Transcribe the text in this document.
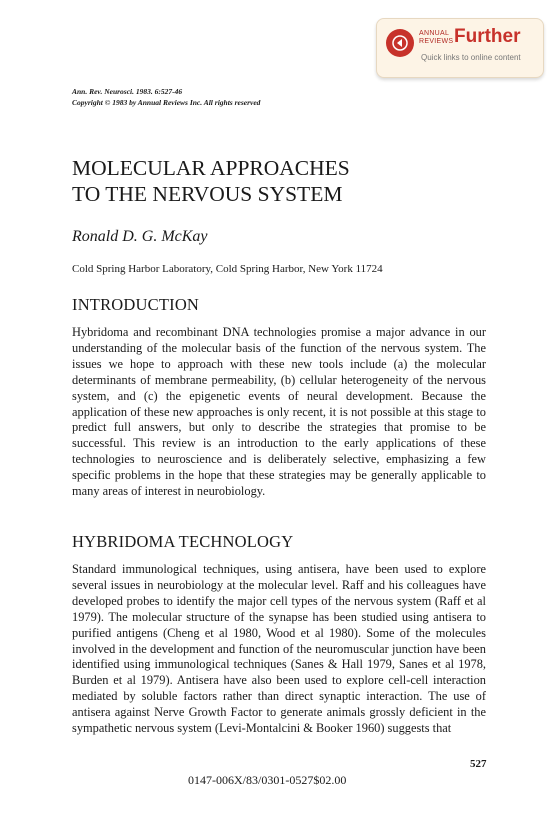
ANNUAL
REVIEWS Further
Quick links to online content
Ann. Rev. Neurosci. 1983. 6:527-46
Copyright © 1983 by Annual Reviews Inc. All rights reserved
MOLECULAR APPROACHES
TO THE NERVOUS SYSTEM
Ronald D. G. McKay
Cold Spring Harbor Laboratory, Cold Spring Harbor, New York 11724
INTRODUCTION

Hybridoma and recombinant DNA technologies promise a major advance in our understanding of the molecular basis of the function of the nervous system. The issues we hope to approach with these new tools include (a) the molecular determinants of membrane permeability, (b) cellular heterogeneity of the nervous system, and (c) the epigenetic events of neural development. Because the application of these new approaches is only recent, it is not possible at this stage to predict full answers, but only to describe the strategies that promise to be successful. This review is an introduction to the early applications of these technologies to neuroscience and is deliberately selective, emphasizing a few specific problems in the hope that these strategies may be generally applicable to many areas of interest in neurobiology.

HYBRIDOMA TECHNOLOGY

Standard immunological techniques, using antisera, have been used to explore several issues in neurobiology at the molecular level. Raff and his colleagues have developed probes to identify the major cell types of the nervous system (Raff et al 1979). The molecular structure of the synapse has been studied using antisera to purified antigens (Cheng et al 1980, Wood et al 1980). Some of the molecules involved in the development and function of the neuromuscular junction have been identified using immunological techniques (Sanes & Hall 1979, Sanes et al 1978, Burden et al 1979). Antisera have also been used to explore cell-cell interaction mediated by soluble factors rather than direct synaptic interaction. The use of antisera against Nerve Growth Factor to generate animals grossly deficient in the sympathetic nervous system (Levi-Montalcini & Booker 1960) suggests that

527
0147-006X/83/0301-0527$02.00
